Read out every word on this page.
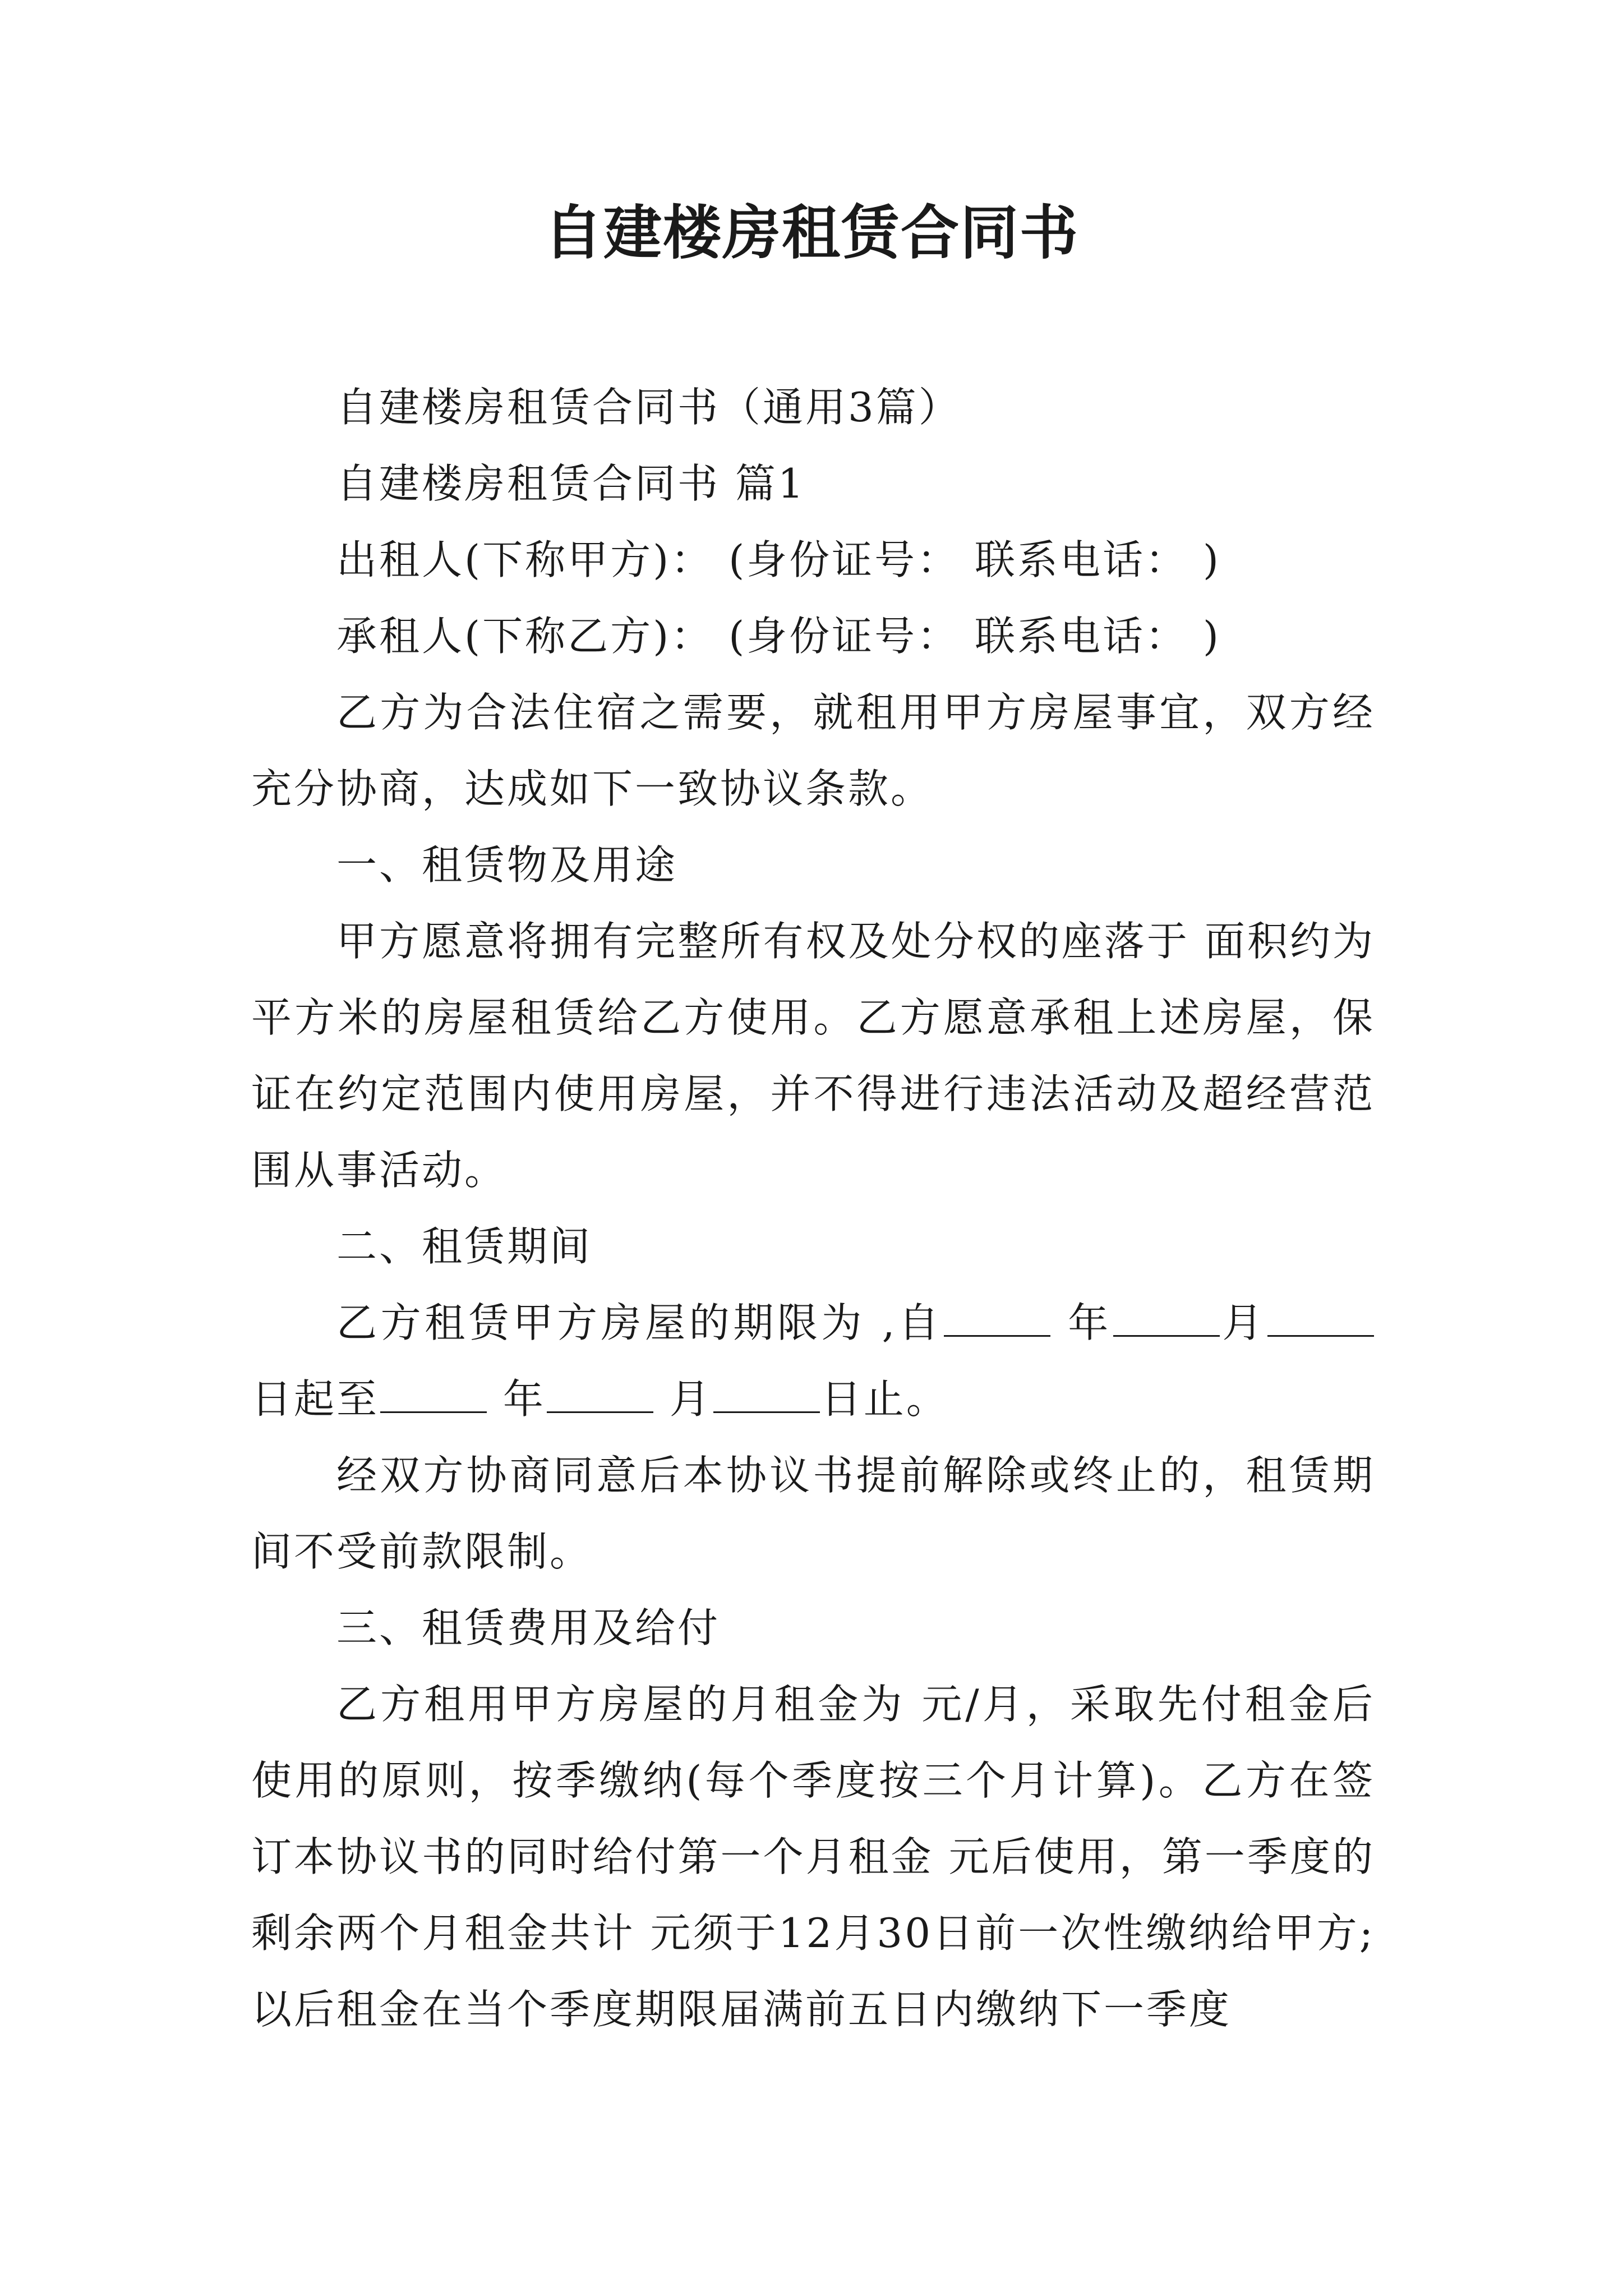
自建楼房租赁合同书

自建楼房租赁合同书（通用3篇）

自建楼房租赁合同书 篇1

出租人(下称甲方)： (身份证号： 联系电话： )

承租人(下称乙方)： (身份证号： 联系电话： )

乙方为合法住宿之需要，就租用甲方房屋事宜，双方经充分协商，达成如下一致协议条款。

一、租赁物及用途

甲方愿意将拥有完整所有权及处分权的座落于 面积约为 平方米的房屋租赁给乙方使用。乙方愿意承租上述房屋，保证在约定范围内使用房屋，并不得进行违法活动及超经营范围从事活动。

二、租赁期间

乙方租赁甲方房屋的期限为 ,自	年	月日起至	年	月	日止。

经双方协商同意后本协议书提前解除或终止的，租赁期间不受前款限制。

三、租赁费用及给付

乙方租用甲方房屋的月租金为 元/月，采取先付租金后使用的原则，按季缴纳(每个季度按三个月计算)。乙方在签订本协议书的同时给付第一个月租金 元后使用，第一季度的剩余两个月租金共计 元须于12月30日前一次性缴纳给甲方;以后租金在当个季度期限届满前五日内缴纳下一季度
